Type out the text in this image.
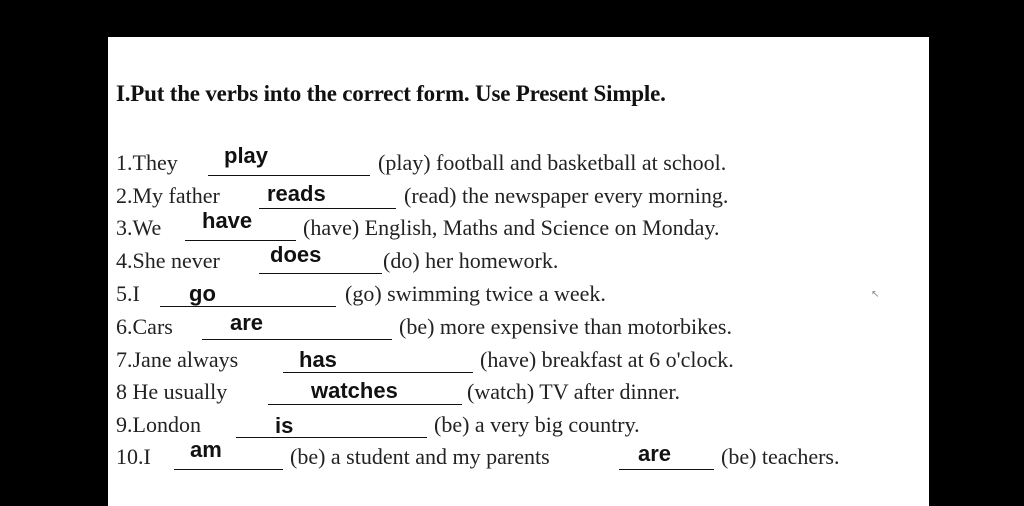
I.Put the verbs into the correct form. Use Present Simple.
1.They play	(play) football and basketball at school.
2.My father reads	(read) the newspaper every morning.
3.We have (have) English, Maths and Science on Monday.
4.She never does	(do) her homework.
5.I go	(go) swimming twice a week.
6.Cars	are	(be) more expensive than motorbikes.
7.Jane always	has	(have) breakfast at 6 o'clock.
8 He usually	watches	(watch) TV after dinner.
9.London	is	(be) a very big country.
10.I am	(be) a student and my parents	are (be) teachers.
↖
